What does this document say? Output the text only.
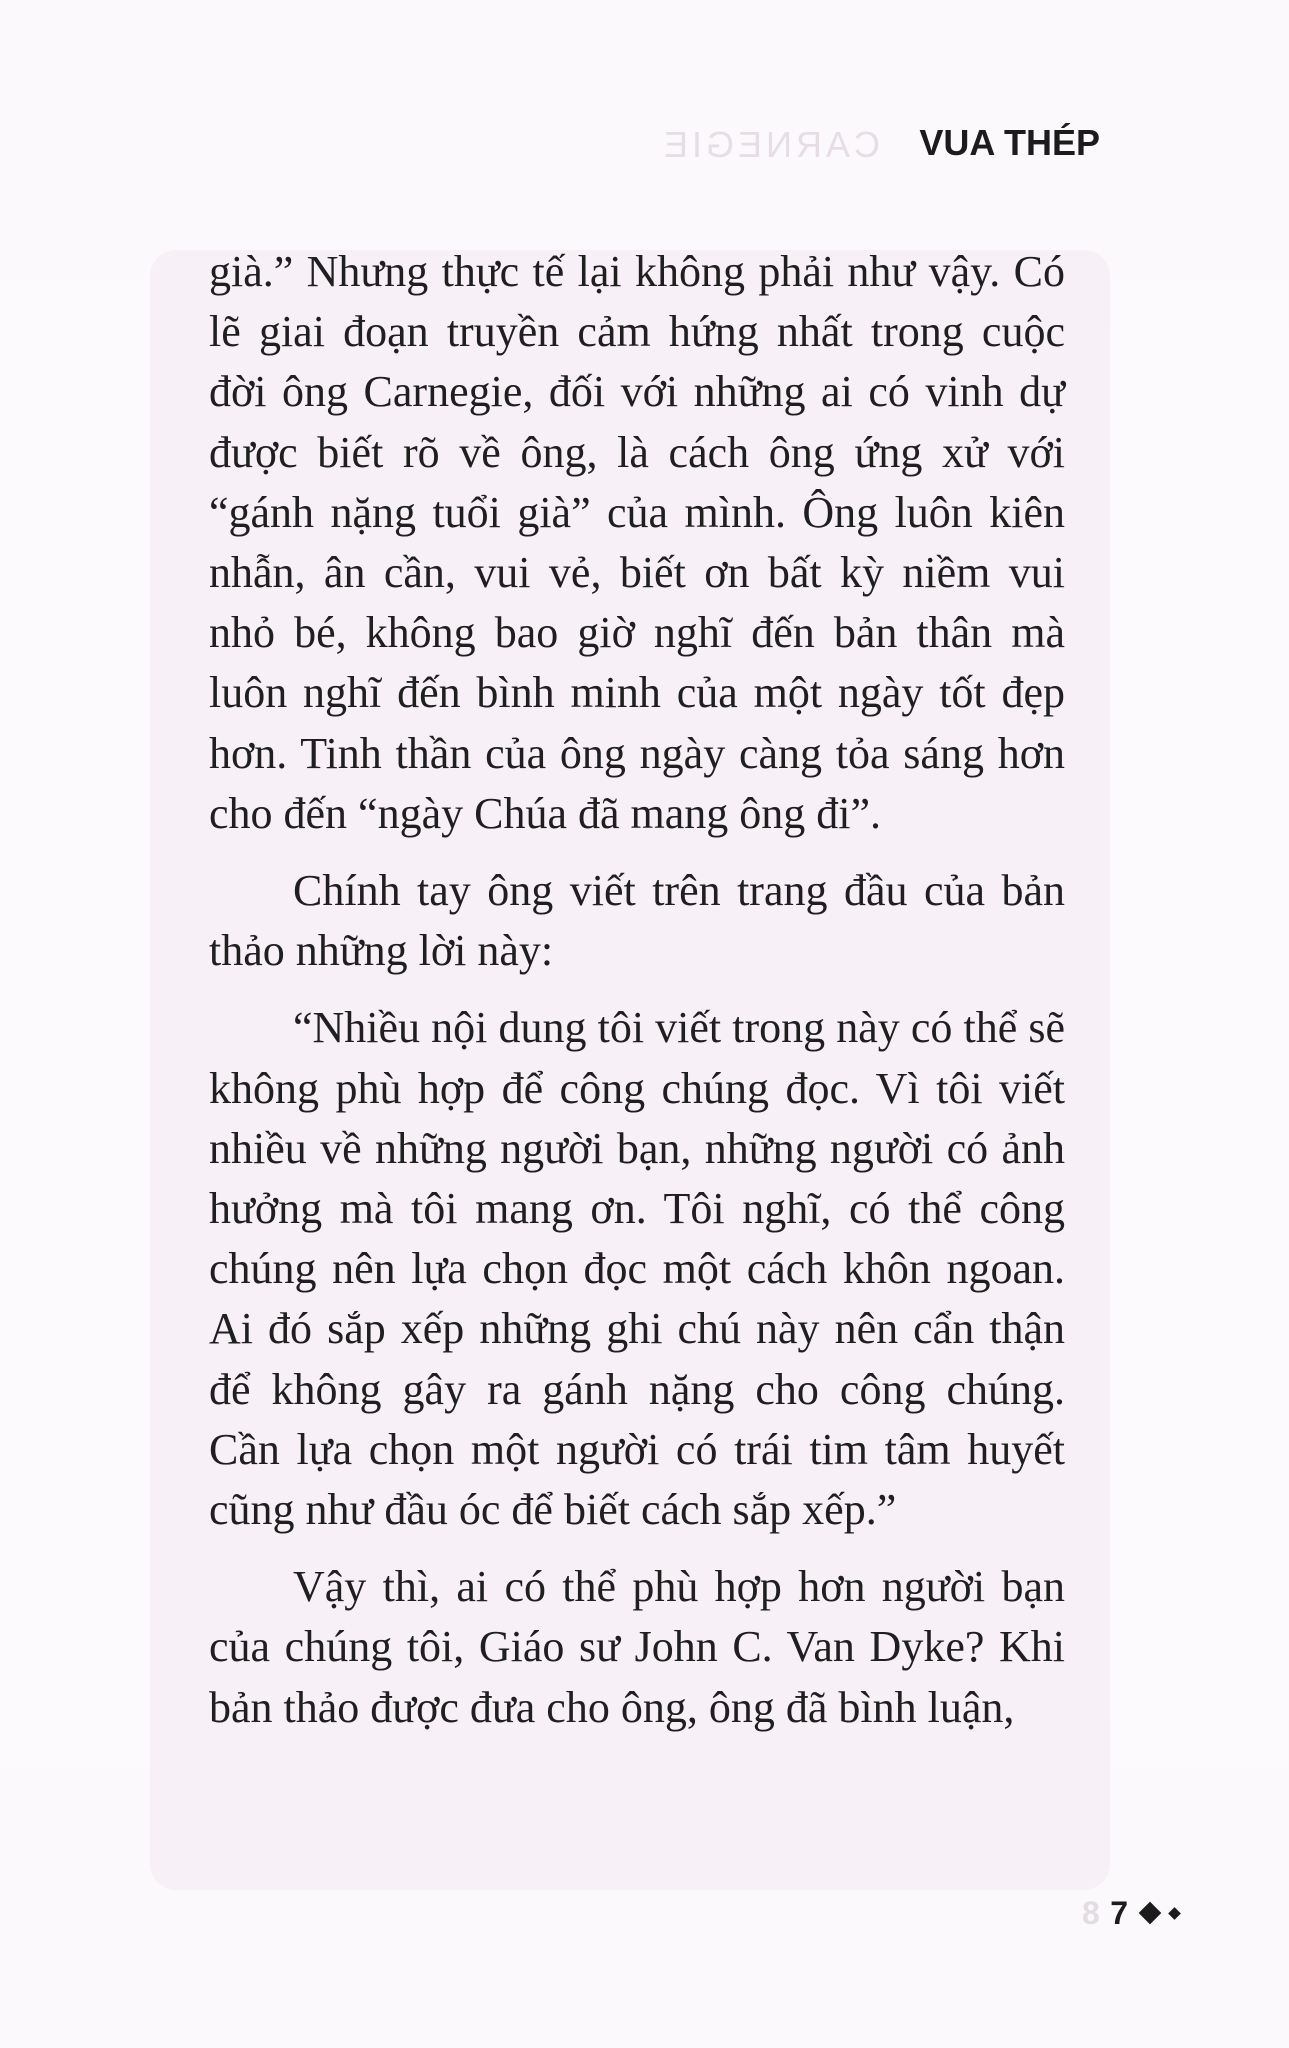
CARNEGIE VUA THÉP

già.” Nhưng thực tế lại không phải như vậy. Có lẽ giai đoạn truyền cảm hứng nhất trong cuộc đời ông Carnegie, đối với những ai có vinh dự được biết rõ về ông, là cách ông ứng xử với “gánh nặng tuổi già” của mình. Ông luôn kiên nhẫn, ân cần, vui vẻ, biết ơn bất kỳ niềm vui nhỏ bé, không bao giờ nghĩ đến bản thân mà luôn nghĩ đến bình minh của một ngày tốt đẹp hơn. Tinh thần của ông ngày càng tỏa sáng hơn cho đến “ngày Chúa đã mang ông đi”.

Chính tay ông viết trên trang đầu của bản thảo những lời này:

“Nhiều nội dung tôi viết trong này có thể sẽ không phù hợp để công chúng đọc. Vì tôi viết nhiều về những người bạn, những người có ảnh hưởng mà tôi mang ơn. Tôi nghĩ, có thể công chúng nên lựa chọn đọc một cách khôn ngoan. Ai đó sắp xếp những ghi chú này nên cẩn thận để không gây ra gánh nặng cho công chúng. Cần lựa chọn một người có trái tim tâm huyết cũng như đầu óc để biết cách sắp xếp.”

Vậy thì, ai có thể phù hợp hơn người bạn của chúng tôi, Giáo sư John C. Van Dyke? Khi bản thảo được đưa cho ông, ông đã bình luận,

8 7
